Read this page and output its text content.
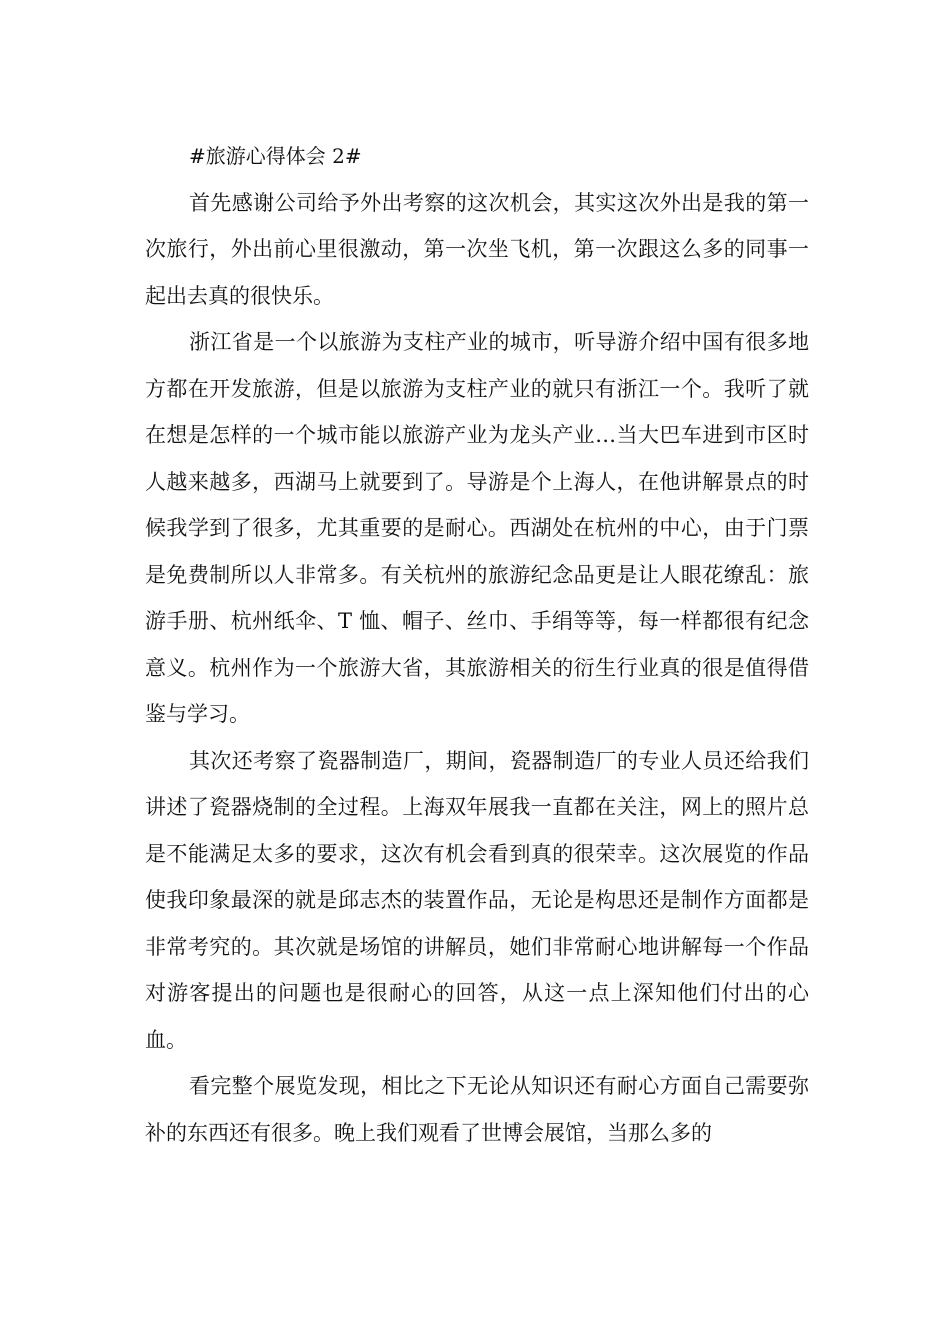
#旅游心得体会 2#

首先感谢公司给予外出考察的这次机会，其实这次外出是我的第一次旅行，外出前心里很激动，第一次坐飞机，第一次跟这么多的同事一起出去真的很快乐。

浙江省是一个以旅游为支柱产业的城市，听导游介绍中国有很多地方都在开发旅游，但是以旅游为支柱产业的就只有浙江一个。我听了就在想是怎样的一个城市能以旅游产业为龙头产业…当大巴车进到市区时人越来越多，西湖马上就要到了。导游是个上海人，在他讲解景点的时候我学到了很多，尤其重要的是耐心。西湖处在杭州的中心，由于门票是免费制所以人非常多。有关杭州的旅游纪念品更是让人眼花缭乱：旅游手册、杭州纸伞、T 恤、帽子、丝巾、手绢等等，每一样都很有纪念意义。杭州作为一个旅游大省，其旅游相关的衍生行业真的很是值得借鉴与学习。

其次还考察了瓷器制造厂，期间，瓷器制造厂的专业人员还给我们讲述了瓷器烧制的全过程。上海双年展我一直都在关注，网上的照片总是不能满足太多的要求，这次有机会看到真的很荣幸。这次展览的作品使我印象最深的就是邱志杰的装置作品，无论是构思还是制作方面都是非常考究的。其次就是场馆的讲解员，她们非常耐心地讲解每一个作品对游客提出的问题也是很耐心的回答，从这一点上深知他们付出的心血。

看完整个展览发现，相比之下无论从知识还有耐心方面自己需要弥补的东西还有很多。晚上我们观看了世博会展馆，当那么多的
